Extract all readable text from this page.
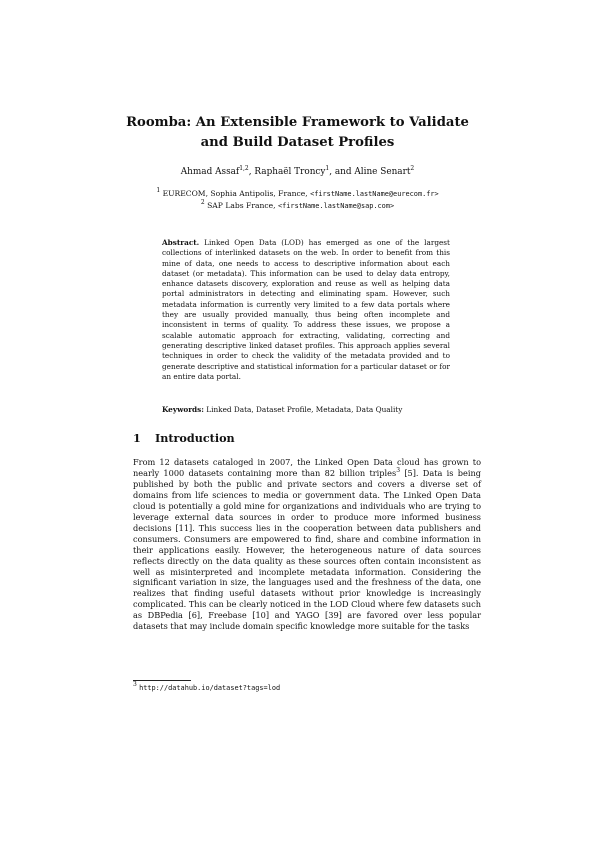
Roomba: An Extensible Framework to Validate
and Build Dataset Profiles
Ahmad Assaf$^{1,2}$, Raphaël Troncy$^1$, and Aline Senart$^2$
$^1$ EURECOM, Sophia Antipolis, France, <firstName.lastName@eurecom.fr>
$^2$ SAP Labs France, <firstName.lastName@sap.com>
Abstract. Linked Open Data (LOD) has emerged as one of the largest collections of interlinked datasets on the web. In order to benefit from this mine of data, one needs to access to descriptive information about each dataset (or metadata). This information can be used to delay data entropy, enhance datasets discovery, exploration and reuse as well as helping data portal administrators in detecting and eliminating spam. However, such metadata information is currently very limited to a few data portals where they are usually provided manually, thus being often incomplete and inconsistent in terms of quality. To address these issues, we propose a scalable automatic approach for extracting, validating, correcting and generating descriptive linked dataset profiles. This approach applies several techniques in order to check the validity of the metadata provided and to generate descriptive and statistical information for a particular dataset or for an entire data portal.
Keywords: Linked Data, Dataset Profile, Metadata, Data Quality
1 Introduction
From 12 datasets cataloged in 2007, the Linked Open Data cloud has grown to nearly 1000 datasets containing more than 82 billion triples$^3$ [5]. Data is being published by both the public and private sectors and covers a diverse set of domains from life sciences to media or government data. The Linked Open Data cloud is potentially a gold mine for organizations and individuals who are trying to leverage external data sources in order to produce more informed business decisions [11]. This success lies in the cooperation between data publishers and consumers. Consumers are empowered to find, share and combine information in their applications easily. However, the heterogeneous nature of data sources reflects directly on the data quality as these sources often contain inconsistent as well as misinterpreted and incomplete metadata information. Considering the significant variation in size, the languages used and the freshness of the data, one realizes that finding useful datasets without prior knowledge is increasingly complicated. This can be clearly noticed in the LOD Cloud where few datasets such as DBPedia [6], Freebase [10] and YAGO [39] are favored over less popular datasets that may include domain specific knowledge more suitable for the tasks
$^3$ http://datahub.io/dataset?tags=lod
